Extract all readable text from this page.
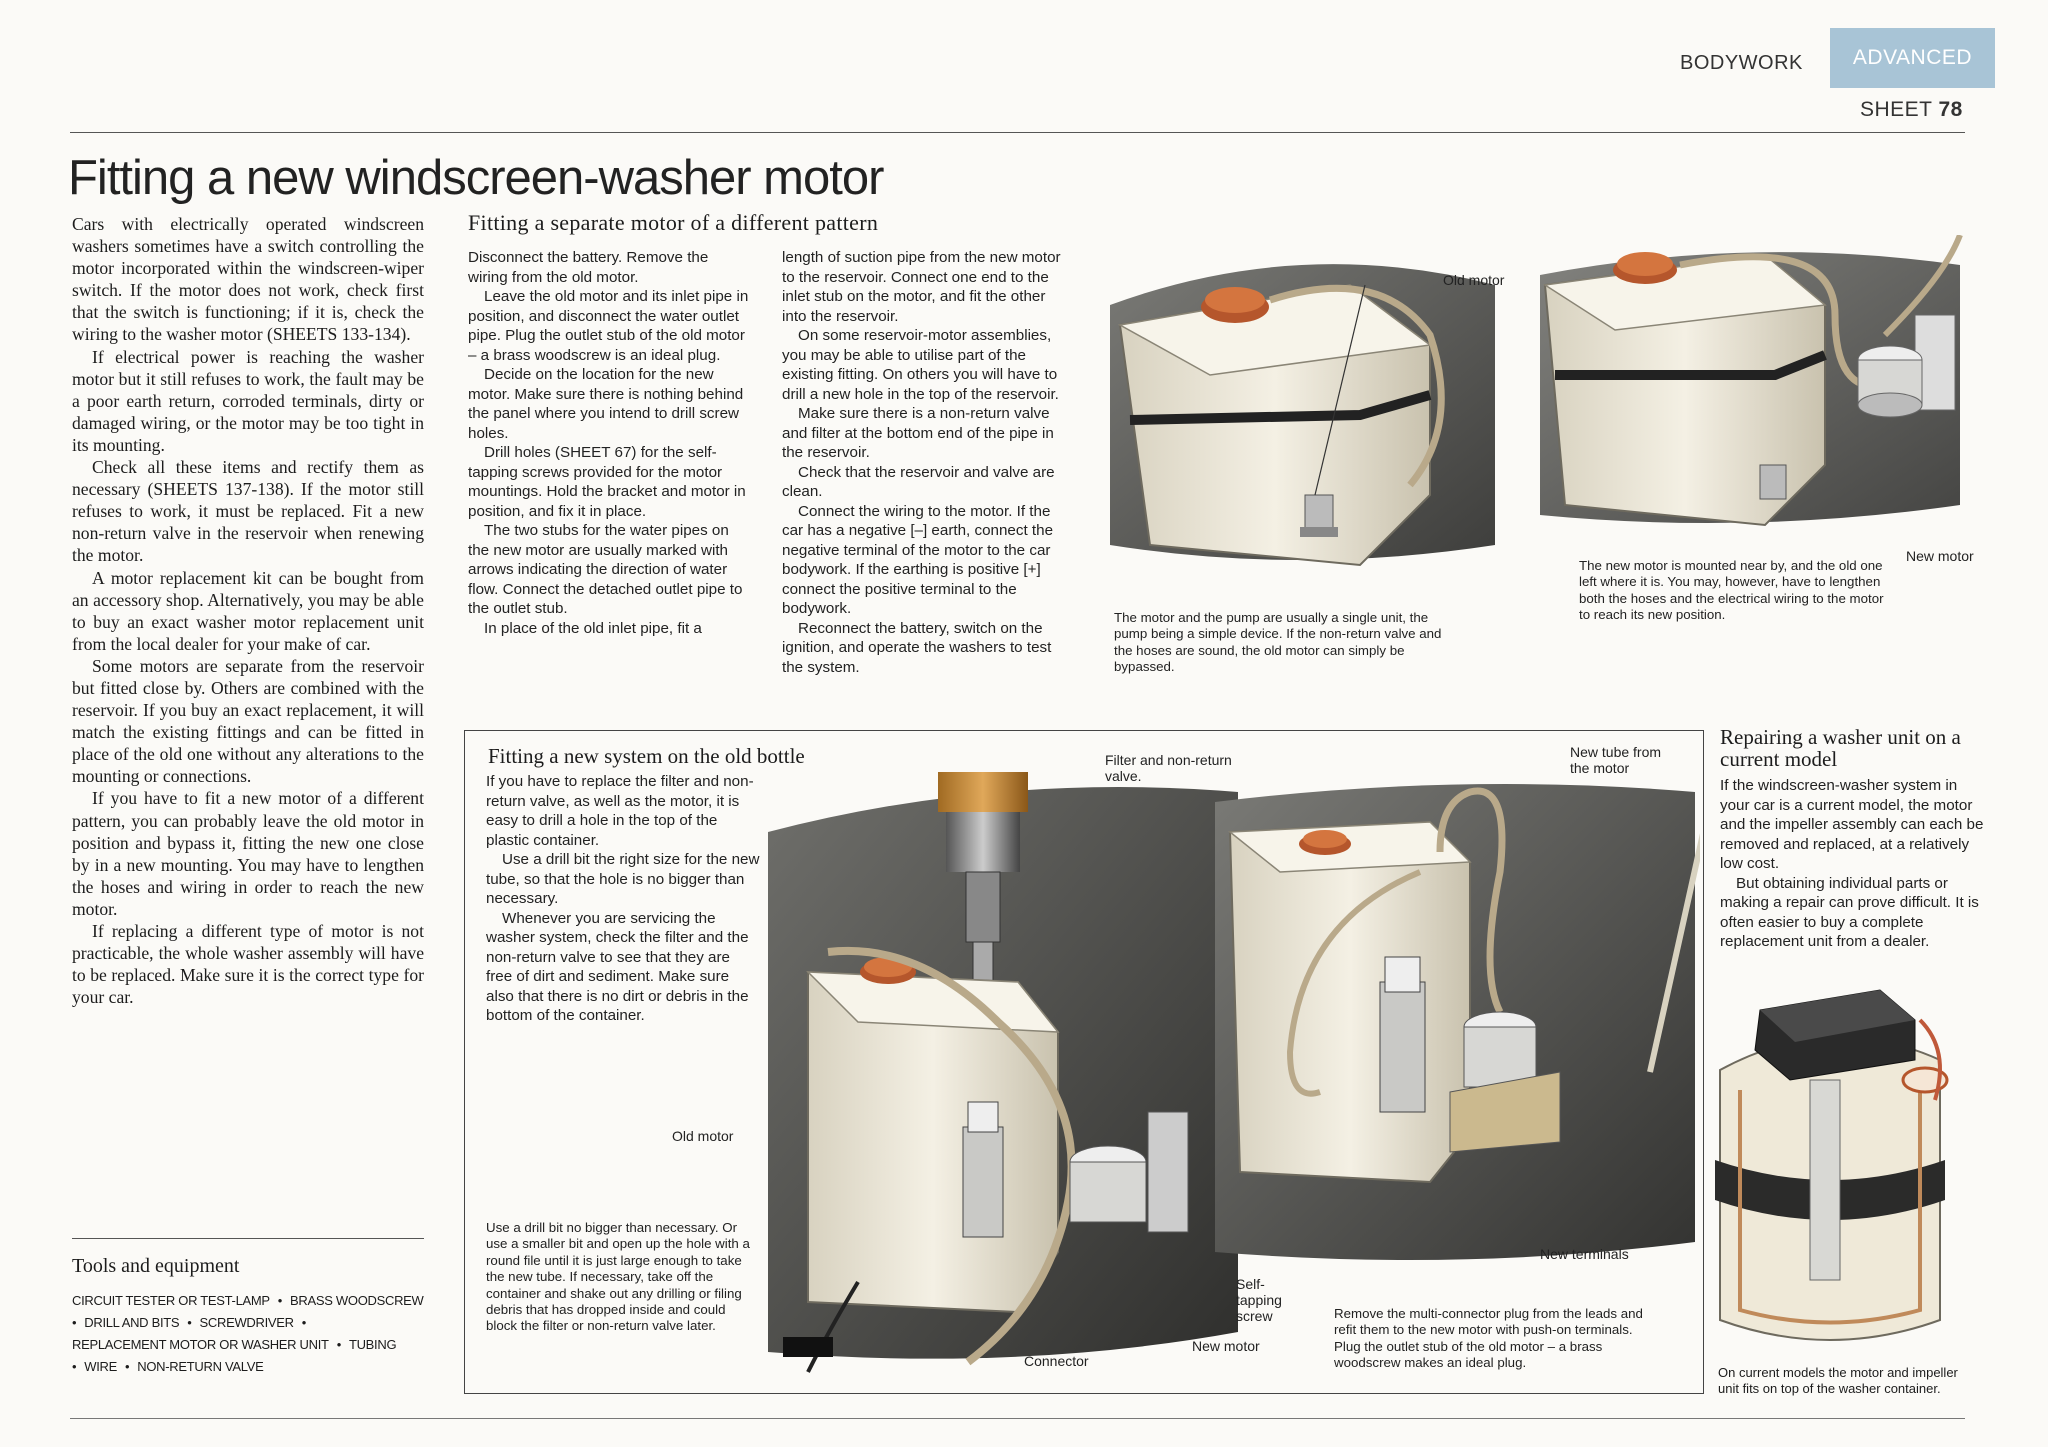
BODYWORK	ADVANCED
SHEET 78
Fitting a new windscreen-washer motor

Cars with electrically operated windscreen washers sometimes have a switch controlling the motor incorporated within the windscreen-wiper switch. If the motor does not work, check first that the switch is functioning; if it is, check the wiring to the washer motor (SHEETS 133-134).

If electrical power is reaching the washer motor but it still refuses to work, the fault may be a poor earth return, corroded terminals, dirty or damaged wiring, or the motor may be too tight in its mounting.

Check all these items and rectify them as necessary (SHEETS 137-138). If the motor still refuses to work, it must be replaced. Fit a new non-return valve in the reservoir when renewing the motor.

A motor replacement kit can be bought from an accessory shop. Alternatively, you may be able to buy an exact washer motor replacement unit from the local dealer for your make of car.

Some motors are separate from the reservoir but fitted close by. Others are combined with the reservoir. If you buy an exact replacement, it will match the existing fittings and can be fitted in place of the old one without any alterations to the mounting or connections.

If you have to fit a new motor of a different pattern, you can probably leave the old motor in position and bypass it, fitting the new one close by in a new mounting. You may have to lengthen the hoses and wiring in order to reach the new motor.

If replacing a different type of motor is not practicable, the whole washer assembly will have to be replaced. Make sure it is the correct type for your car.

Tools and equipment
CIRCUIT TESTER OR TEST-LAMP • BRASS WOODSCREW
• DRILL AND BITS • SCREWDRIVER •
REPLACEMENT MOTOR OR WASHER UNIT • TUBING
• WIRE • NON-RETURN VALVE
Fitting a separate motor of a different pattern

Disconnect the battery. Remove the wiring from the old motor.

Leave the old motor and its inlet pipe in position, and disconnect the water outlet pipe. Plug the outlet stub of the old motor – a brass woodscrew is an ideal plug.

Decide on the location for the new motor. Make sure there is nothing behind the panel where you intend to drill screw holes.

Drill holes (SHEET 67) for the self-tapping screws provided for the motor mountings. Hold the bracket and motor in position, and fix it in place.

The two stubs for the water pipes on the new motor are usually marked with arrows indicating the direction of water flow. Connect the detached outlet pipe to the outlet stub.

In place of the old inlet pipe, fit a

length of suction pipe from the new motor to the reservoir. Connect one end to the inlet stub on the motor, and fit the other into the reservoir.

On some reservoir-motor assemblies, you may be able to utilise part of the existing fitting. On others you will have to drill a new hole in the top of the reservoir.

Make sure there is a non-return valve and filter at the bottom end of the pipe in the reservoir.

Check that the reservoir and valve are clean.

Connect the wiring to the motor. If the car has a negative [–] earth, connect the negative terminal of the motor to the car bodywork. If the earthing is positive [+] connect the positive terminal to the bodywork.

Reconnect the battery, switch on the ignition, and operate the washers to test the system.

Old motor
The motor and the pump are usually a single unit, the pump being a simple device. If the non-return valve and the hoses are sound, the old motor can simply be bypassed.
The new motor is mounted near by, and the old one left where it is. You may, however, have to lengthen both the hoses and the electrical wiring to the motor to reach its new position.
New motor
Fitting a new system on the old bottle

If you have to replace the filter and non-return valve, as well as the motor, it is easy to drill a hole in the top of the plastic container.

Use a drill bit the right size for the new tube, so that the hole is no bigger than necessary.

Whenever you are servicing the washer system, check the filter and the non-return valve to see that they are free of dirt and sediment. Make sure also that there is no dirt or debris in the bottom of the container.

Old motor
Use a drill bit no bigger than necessary. Or use a smaller bit and open up the hole with a round file until it is just large enough to take the new tube. If necessary, take off the container and shake out any drilling or filing debris that has dropped inside and could block the filter or non-return valve later.
Connector
Filter and non-return valve.
New tube from the motor
New terminals
Self-tapping screw
New motor
Remove the multi-connector plug from the leads and refit them to the new motor with push-on terminals. Plug the outlet stub of the old motor – a brass woodscrew makes an ideal plug.
Repairing a washer unit on a current model

If the windscreen-washer system in your car is a current model, the motor and the impeller assembly can each be removed and replaced, at a relatively low cost.

But obtaining individual parts or making a repair can prove difficult. It is often easier to buy a complete replacement unit from a dealer.

On current models the motor and impeller unit fits on top of the washer container.
